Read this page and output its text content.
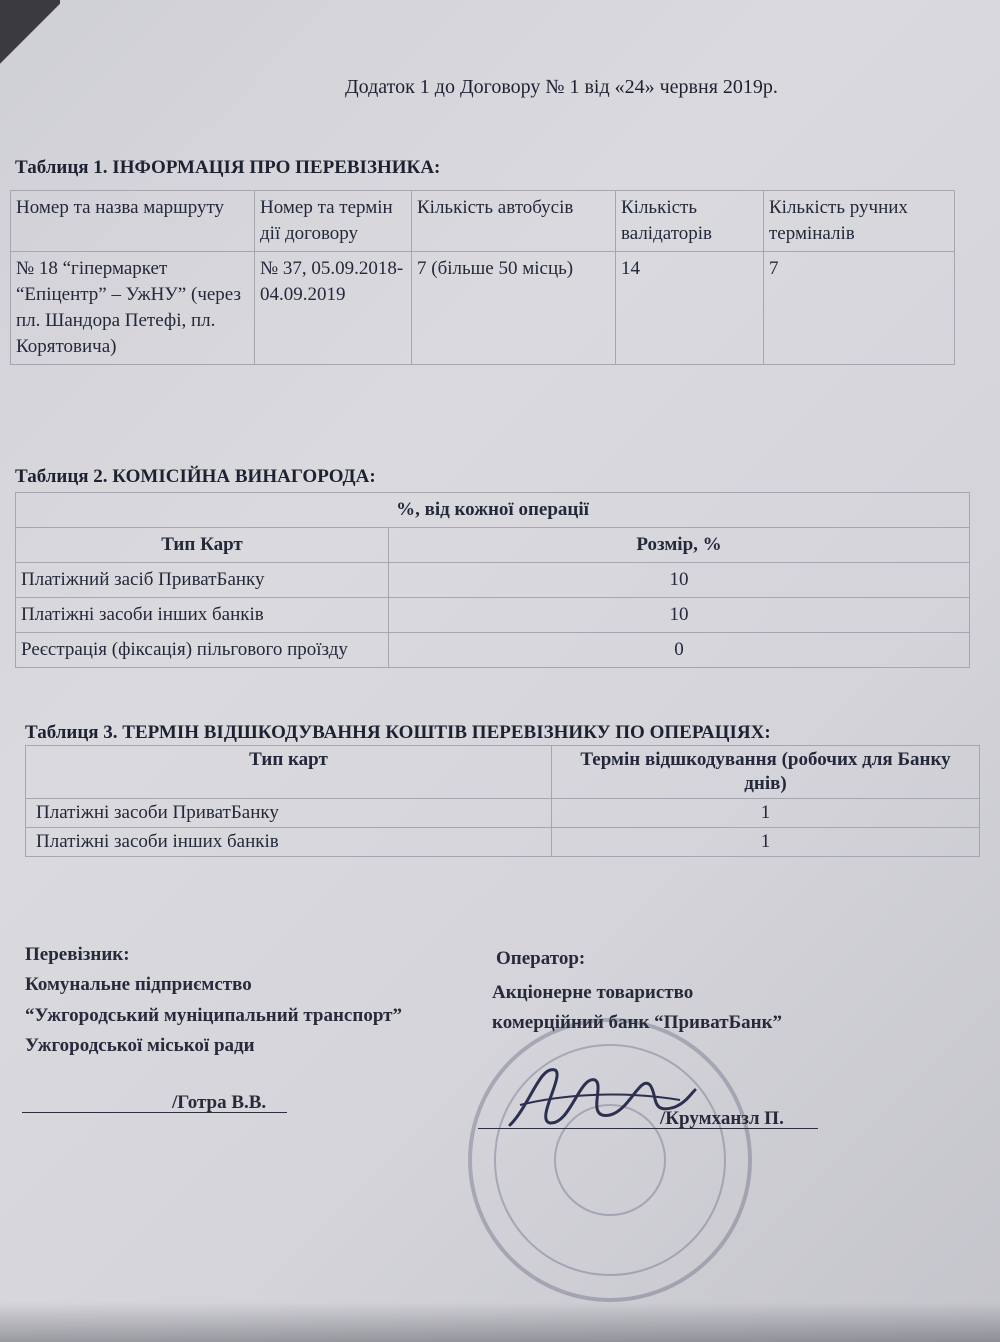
Додаток 1 до Договору № 1 від «24» червня 2019р.
Таблиця 1. ІНФОРМАЦІЯ ПРО ПЕРЕВІЗНИКА:
Номер та назва маршруту	Номер та термін дії договору	Кількість автобусів	Кількість валідаторів	Кількість ручних терміналів
№ 18 “гіпермаркет “Епіцентр” – УжНУ” (через пл. Шандора Петефі, пл. Корятовича)	№ 37, 05.09.2018-04.09.2019	7 (більше 50 місць)	14	7
Таблиця 2. КОМІСІЙНА ВИНАГОРОДА:
%, від кожної операції	
Тип Карт	Розмір, %
Платіжний засіб ПриватБанку	10
Платіжні засоби інших банків	10
Реєстрація (фіксація) пільгового проїзду	0
Таблиця 3. ТЕРМІН ВІДШКОДУВАННЯ КОШТІВ ПЕРЕВІЗНИКУ ПО ОПЕРАЦІЯХ:
Тип карт	Термін відшкодування (робочих для Банку днів)
Платіжні засоби ПриватБанку	1
Платіжні засоби інших банків	1
Перевізник:
Комунальне підприємство
“Ужгородський муніципальний транспорт”
Ужгородської міської ради
/Готра В.В.
Оператор:
Акціонерне товариство
комерційний банк “ПриватБанк”
/Крумханзл П.
